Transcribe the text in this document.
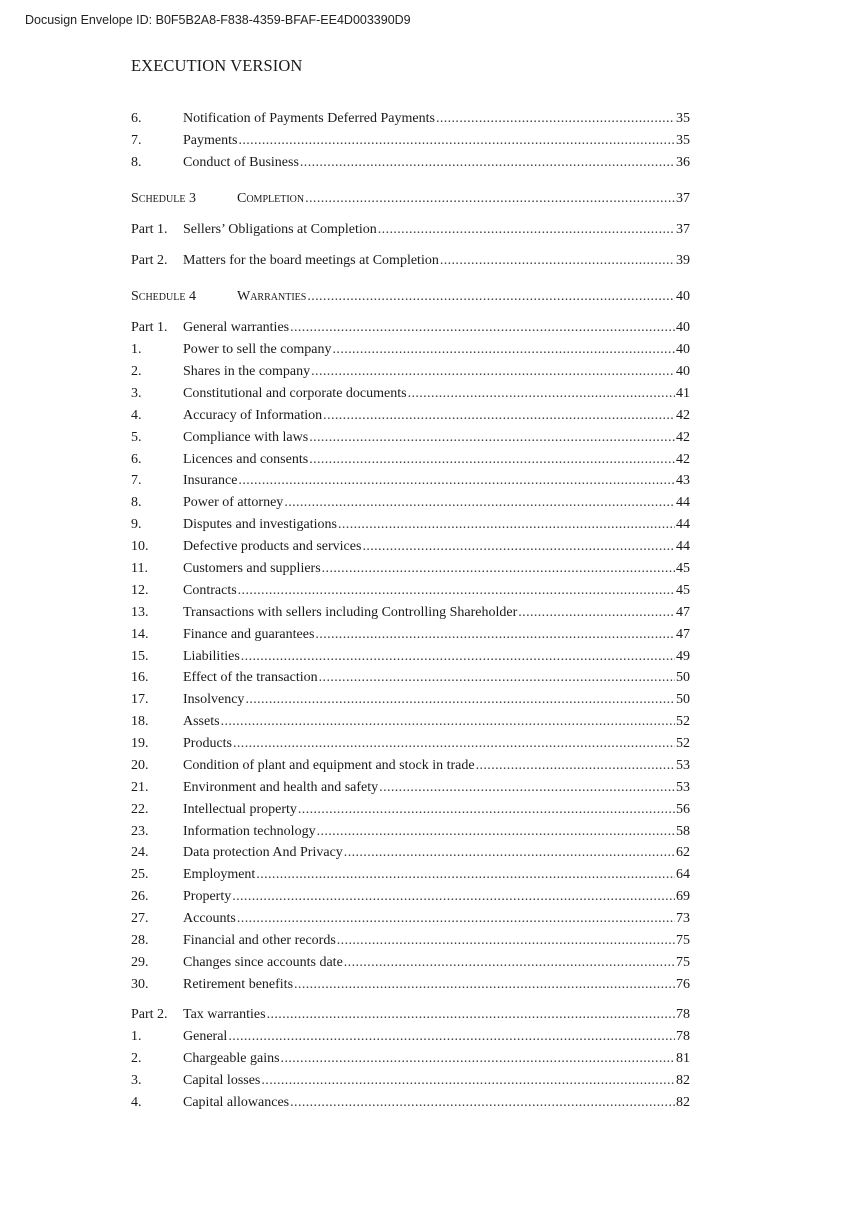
Docusign Envelope ID: B0F5B2A8-F838-4359-BFAF-EE4D003390D9
EXECUTION VERSION
6.	Notification of Payments Deferred Payments .....	35
7.	Payments .....	35
8.	Conduct of Business .....	36
Schedule 3	Completion .....	37
Part 1.	Sellers’ Obligations at Completion .....	37
Part 2.	Matters for the board meetings at Completion .....	39
Schedule 4	Warranties .....	40
Part 1.	General warranties .....	40
1.	Power to sell the company .....	40
2.	Shares in the company .....	40
3.	Constitutional and corporate documents .....	41
4.	Accuracy of Information .....	42
5.	Compliance with laws .....	42
6.	Licences and consents .....	42
7.	Insurance .....	43
8.	Power of attorney .....	44
9.	Disputes and investigations .....	44
10.	Defective products and services .....	44
11.	Customers and suppliers .....	45
12.	Contracts .....	45
13.	Transactions with sellers including Controlling Shareholder .....	47
14.	Finance and guarantees .....	47
15.	Liabilities .....	49
16.	Effect of the transaction .....	50
17.	Insolvency .....	50
18.	Assets .....	52
19.	Products .....	52
20.	Condition of plant and equipment and stock in trade .....	53
21.	Environment and health and safety .....	53
22.	Intellectual property .....	56
23.	Information technology .....	58
24.	Data protection And Privacy .....	62
25.	Employment .....	64
26.	Property .....	69
27.	Accounts .....	73
28.	Financial and other records .....	75
29.	Changes since accounts date .....	75
30.	Retirement benefits .....	76
Part 2.	Tax warranties .....	78
1.	General .....	78
2.	Chargeable gains .....	81
3.	Capital losses .....	82
4.	Capital allowances .....	82
